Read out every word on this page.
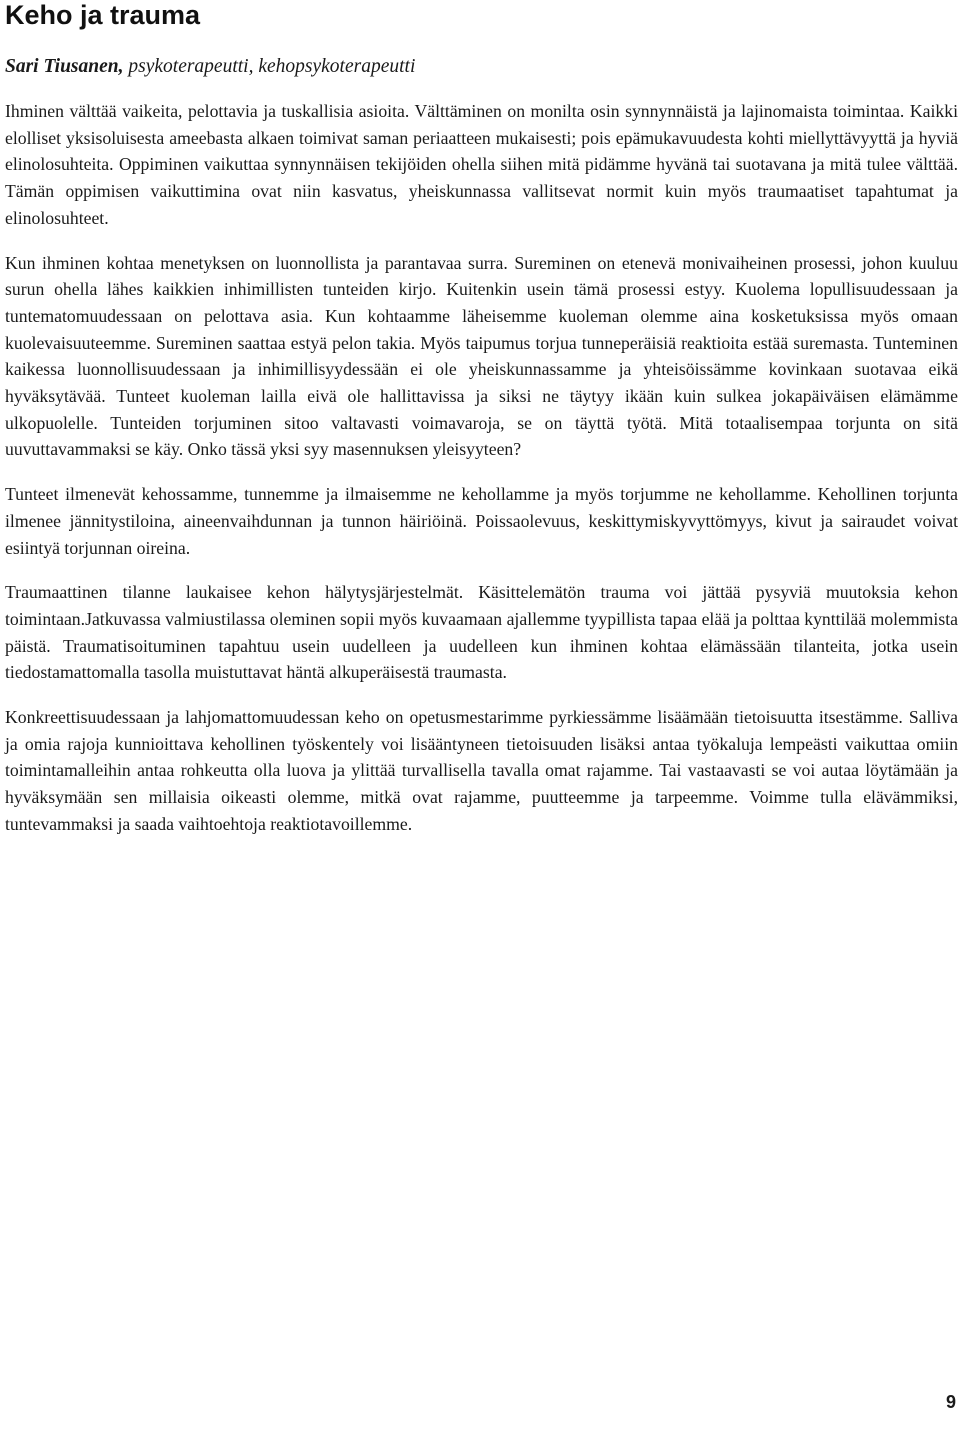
Keho ja trauma

Sari Tiusanen, psykoterapeutti, kehopsykoterapeutti

Ihminen välttää vaikeita, pelottavia ja tuskallisia asioita. Välttäminen on monilta osin synnynnäistä ja lajinomaista toimintaa. Kaikki elolliset yksisoluisesta ameebasta alkaen toimivat saman periaatteen mukaisesti; pois epämukavuudesta kohti miellyttävyyttä ja hyviä elinolosuhteita. Oppiminen vaikuttaa synnynnäisen tekijöiden ohella siihen mitä pidämme hyvänä tai suotavana ja mitä tulee välttää. Tämän oppimisen vaikuttimina ovat niin kasvatus, yheiskunnassa vallitsevat normit kuin myös traumaatiset tapahtumat ja elinolosuhteet.

Kun ihminen kohtaa menetyksen on luonnollista ja parantavaa surra. Sureminen on etenevä monivaiheinen prosessi, johon kuuluu surun ohella lähes kaikkien inhimillisten tunteiden kirjo. Kuitenkin usein tämä prosessi estyy. Kuolema lopullisuudessaan ja tuntematomuudessaan on pelottava asia. Kun kohtaamme läheisemme kuoleman olemme aina kosketuksissa myös omaan kuolevaisuuteemme. Sureminen saattaa estyä pelon takia. Myös taipumus torjua tunneperäisiä reaktioita estää suremasta. Tunteminen kaikessa luonnollisuudessaan ja inhimillisyydessään ei ole yheiskunnassamme ja yhteisöissämme kovinkaan suotavaa eikä hyväksytävää. Tunteet kuoleman lailla eivä ole hallittavissa ja siksi ne täytyy ikään kuin sulkea jokapäiväisen elämämme ulkopuolelle. Tunteiden torjuminen sitoo valtavasti voimavaroja, se on täyttä työtä. Mitä totaalisempaa torjunta on sitä uuvuttavammaksi se käy. Onko tässä yksi syy masennuksen yleisyyteen?

Tunteet ilmenevät kehossamme, tunnemme ja ilmaisemme ne kehollamme ja myös torjumme ne kehollamme. Kehollinen torjunta ilmenee jännitystiloina, aineenvaihdunnan ja tunnon häiriöinä. Poissaolevuus, keskittymiskyvyttömyys, kivut ja sairaudet voivat esiintyä torjunnan oireina.

Traumaattinen tilanne laukaisee kehon hälytysjärjestelmät. Käsittelemätön trauma voi jättää pysyviä muutoksia kehon toimintaan.Jatkuvassa valmiustilassa oleminen sopii myös kuvaamaan ajallemme tyypillista tapaa elää ja polttaa kynttilää molemmista päistä. Traumatisoituminen tapahtuu usein uudelleen ja uudelleen kun ihminen kohtaa elämässään tilanteita, jotka usein tiedostamattomalla tasolla muistuttavat häntä alkuperäisestä traumasta.

Konkreettisuudessaan ja lahjomattomuudessan keho on opetusmestarimme pyrkiessämme lisäämään tietoisuutta itsestämme. Salliva ja omia rajoja kunnioittava kehollinen työskentely voi lisääntyneen tietoisuuden lisäksi antaa työkaluja lempeästi vaikuttaa omiin toimintamalleihin antaa rohkeutta olla luova ja ylittää turvallisella tavalla omat rajamme. Tai vastaavasti se voi autaa löytämään ja hyväksymään sen millaisia oikeasti olemme, mitkä ovat rajamme, puutteemme ja tarpeemme. Voimme tulla elävämmiksi, tuntevammaksi ja saada vaihtoehtoja reaktiotavoillemme.

9
